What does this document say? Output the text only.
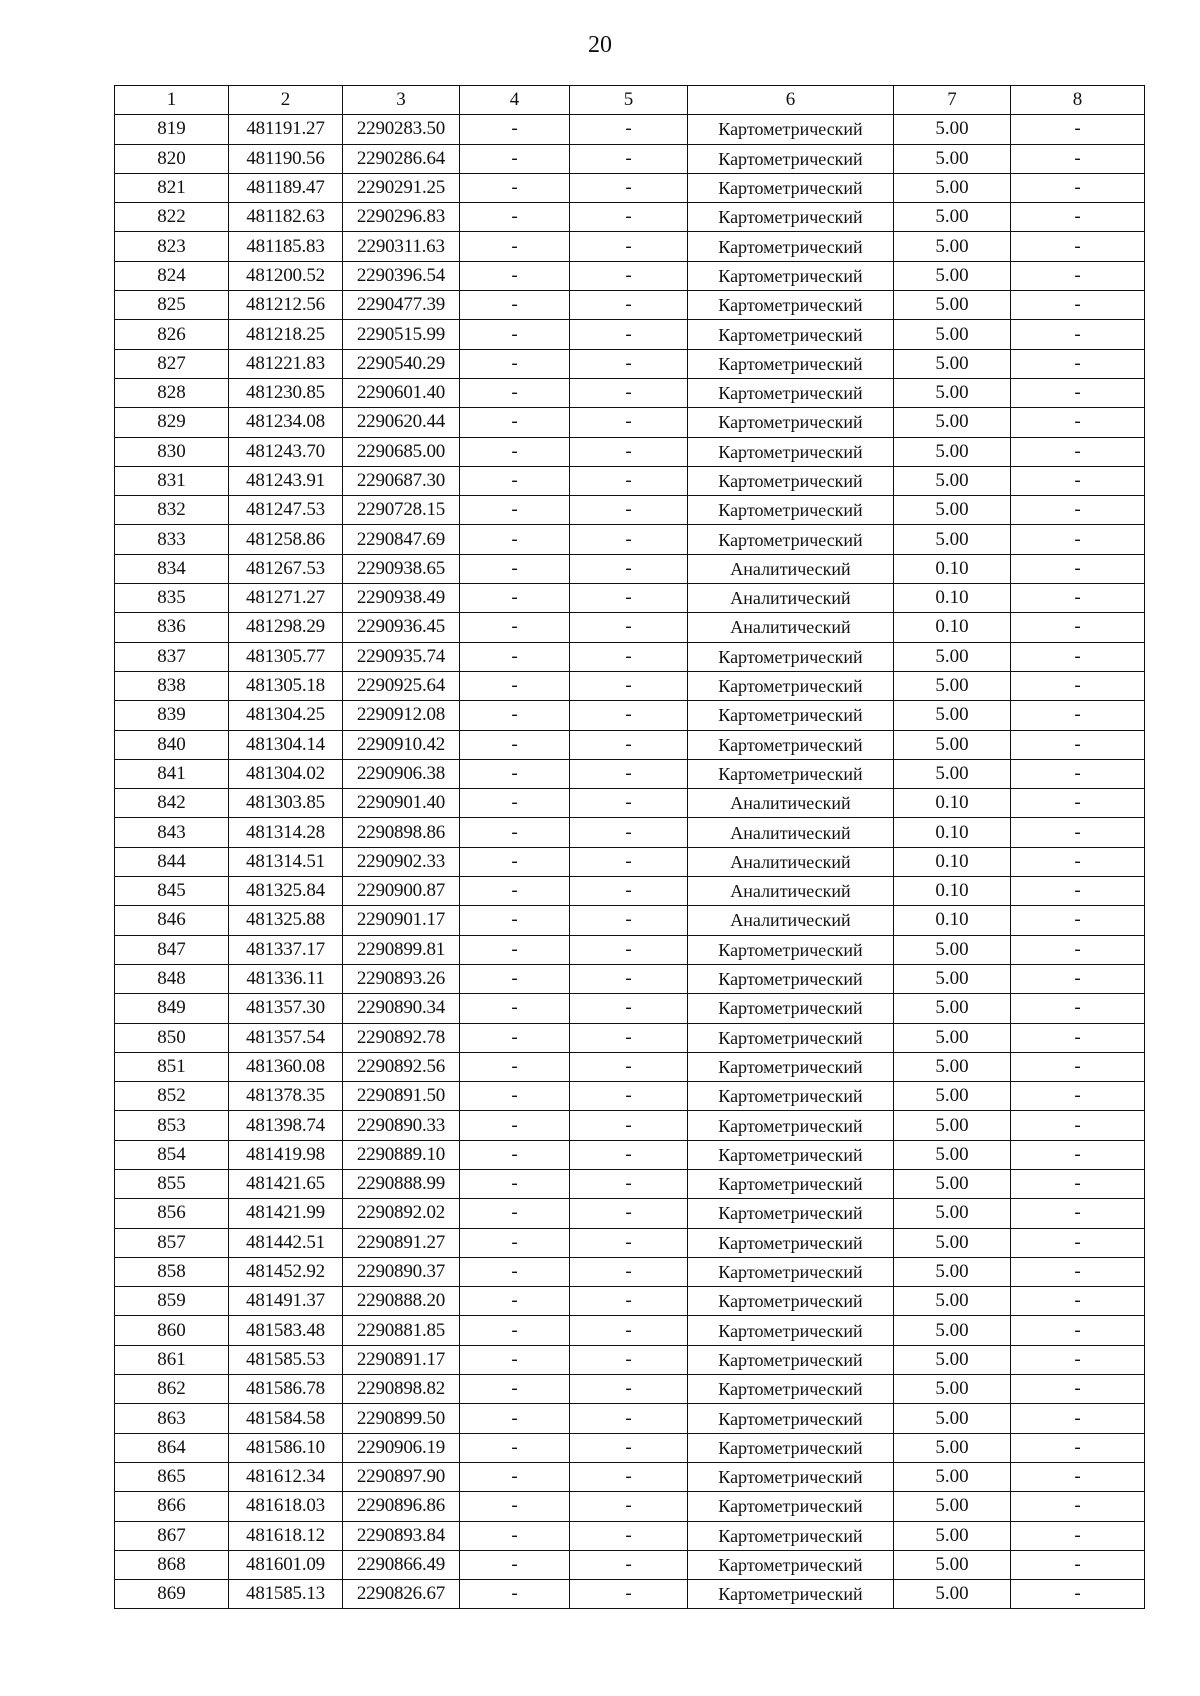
20
1	2	3	4	5	6	7	8
819	481191.27	2290283.50	-	-	Картометрический	5.00	-
820	481190.56	2290286.64	-	-	Картометрический	5.00	-
821	481189.47	2290291.25	-	-	Картометрический	5.00	-
822	481182.63	2290296.83	-	-	Картометрический	5.00	-
823	481185.83	2290311.63	-	-	Картометрический	5.00	-
824	481200.52	2290396.54	-	-	Картометрический	5.00	-
825	481212.56	2290477.39	-	-	Картометрический	5.00	-
826	481218.25	2290515.99	-	-	Картометрический	5.00	-
827	481221.83	2290540.29	-	-	Картометрический	5.00	-
828	481230.85	2290601.40	-	-	Картометрический	5.00	-
829	481234.08	2290620.44	-	-	Картометрический	5.00	-
830	481243.70	2290685.00	-	-	Картометрический	5.00	-
831	481243.91	2290687.30	-	-	Картометрический	5.00	-
832	481247.53	2290728.15	-	-	Картометрический	5.00	-
833	481258.86	2290847.69	-	-	Картометрический	5.00	-
834	481267.53	2290938.65	-	-	Аналитический	0.10	-
835	481271.27	2290938.49	-	-	Аналитический	0.10	-
836	481298.29	2290936.45	-	-	Аналитический	0.10	-
837	481305.77	2290935.74	-	-	Картометрический	5.00	-
838	481305.18	2290925.64	-	-	Картометрический	5.00	-
839	481304.25	2290912.08	-	-	Картометрический	5.00	-
840	481304.14	2290910.42	-	-	Картометрический	5.00	-
841	481304.02	2290906.38	-	-	Картометрический	5.00	-
842	481303.85	2290901.40	-	-	Аналитический	0.10	-
843	481314.28	2290898.86	-	-	Аналитический	0.10	-
844	481314.51	2290902.33	-	-	Аналитический	0.10	-
845	481325.84	2290900.87	-	-	Аналитический	0.10	-
846	481325.88	2290901.17	-	-	Аналитический	0.10	-
847	481337.17	2290899.81	-	-	Картометрический	5.00	-
848	481336.11	2290893.26	-	-	Картометрический	5.00	-
849	481357.30	2290890.34	-	-	Картометрический	5.00	-
850	481357.54	2290892.78	-	-	Картометрический	5.00	-
851	481360.08	2290892.56	-	-	Картометрический	5.00	-
852	481378.35	2290891.50	-	-	Картометрический	5.00	-
853	481398.74	2290890.33	-	-	Картометрический	5.00	-
854	481419.98	2290889.10	-	-	Картометрический	5.00	-
855	481421.65	2290888.99	-	-	Картометрический	5.00	-
856	481421.99	2290892.02	-	-	Картометрический	5.00	-
857	481442.51	2290891.27	-	-	Картометрический	5.00	-
858	481452.92	2290890.37	-	-	Картометрический	5.00	-
859	481491.37	2290888.20	-	-	Картометрический	5.00	-
860	481583.48	2290881.85	-	-	Картометрический	5.00	-
861	481585.53	2290891.17	-	-	Картометрический	5.00	-
862	481586.78	2290898.82	-	-	Картометрический	5.00	-
863	481584.58	2290899.50	-	-	Картометрический	5.00	-
864	481586.10	2290906.19	-	-	Картометрический	5.00	-
865	481612.34	2290897.90	-	-	Картометрический	5.00	-
866	481618.03	2290896.86	-	-	Картометрический	5.00	-
867	481618.12	2290893.84	-	-	Картометрический	5.00	-
868	481601.09	2290866.49	-	-	Картометрический	5.00	-
869	481585.13	2290826.67	-	-	Картометрический	5.00	-
